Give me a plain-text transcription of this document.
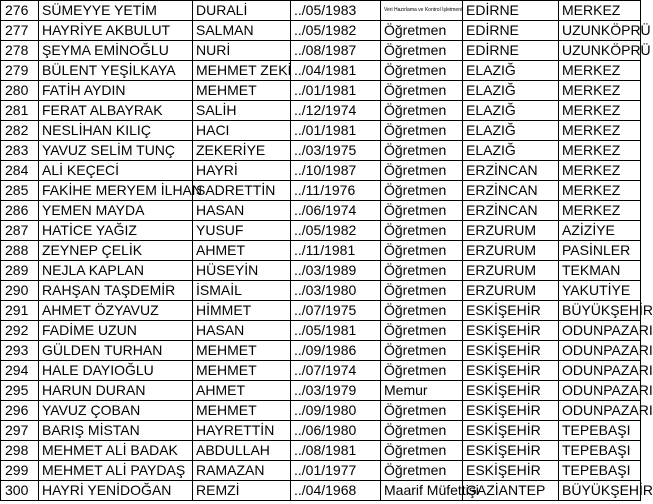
276	SÜMEYYE YETİM	DURALİ	../05/1983	Veri Hazırlama ve Kontrol İşletmeni	EDİRNE	MERKEZ
277	HAYRİYE AKBULUT	SALMAN	../05/1982	Öğretmen	EDİRNE	UZUNKÖPRÜ
278	ŞEYMA EMİNOĞLU	NURİ	../08/1987	Öğretmen	EDİRNE	UZUNKÖPRÜ
279	BÜLENT YEŞİLKAYA	MEHMET ZEKİ	../04/1981	Öğretmen	ELAZIĞ	MERKEZ
280	FATİH AYDIN	MEHMET	../01/1981	Öğretmen	ELAZIĞ	MERKEZ
281	FERAT ALBAYRAK	SALİH	../12/1974	Öğretmen	ELAZIĞ	MERKEZ
282	NESLİHAN KILIÇ	HACI	../01/1981	Öğretmen	ELAZIĞ	MERKEZ
283	YAVUZ SELİM TUNÇ	ZEKERİYE	../03/1975	Öğretmen	ELAZIĞ	MERKEZ
284	ALİ KEÇECİ	HAYRİ	../10/1987	Öğretmen	ERZİNCAN	MERKEZ
285	FAKİHE MERYEM İLHAN	SADRETTİN	../11/1976	Öğretmen	ERZİNCAN	MERKEZ
286	YEMEN MAYDA	HASAN	../06/1974	Öğretmen	ERZİNCAN	MERKEZ
287	HATİCE YAĞIZ	YUSUF	../05/1982	Öğretmen	ERZURUM	AZİZİYE
288	ZEYNEP ÇELİK	AHMET	../11/1981	Öğretmen	ERZURUM	PASİNLER
289	NEJLA KAPLAN	HÜSEYİN	../03/1989	Öğretmen	ERZURUM	TEKMAN
290	RAHŞAN TAŞDEMİR	İSMAİL	../03/1980	Öğretmen	ERZURUM	YAKUTİYE
291	AHMET ÖZYAVUZ	HİMMET	../07/1975	Öğretmen	ESKİŞEHİR	BÜYÜKŞEHİR
292	FADİME UZUN	HASAN	../05/1981	Öğretmen	ESKİŞEHİR	ODUNPAZARI
293	GÜLDEN TURHAN	MEHMET	../09/1986	Öğretmen	ESKİŞEHİR	ODUNPAZARI
294	HALE DAYIOĞLU	MEHMET	../07/1974	Öğretmen	ESKİŞEHİR	ODUNPAZARI
295	HARUN DURAN	AHMET	../03/1979	Memur	ESKİŞEHİR	ODUNPAZARI
296	YAVUZ ÇOBAN	MEHMET	../09/1980	Öğretmen	ESKİŞEHİR	ODUNPAZARI
297	BARIŞ MİSTAN	HAYRETTİN	../06/1980	Öğretmen	ESKİŞEHİR	TEPEBAŞI
298	MEHMET ALİ BADAK	ABDULLAH	../08/1981	Öğretmen	ESKİŞEHİR	TEPEBAŞI
299	MEHMET ALİ PAYDAŞ	RAMAZAN	../01/1977	Öğretmen	ESKİŞEHİR	TEPEBAŞI
300	HAYRİ YENİDOĞAN	REMZİ	../04/1968	Maarif Müfettişi	GAZİANTEP	BÜYÜKŞEHİR
